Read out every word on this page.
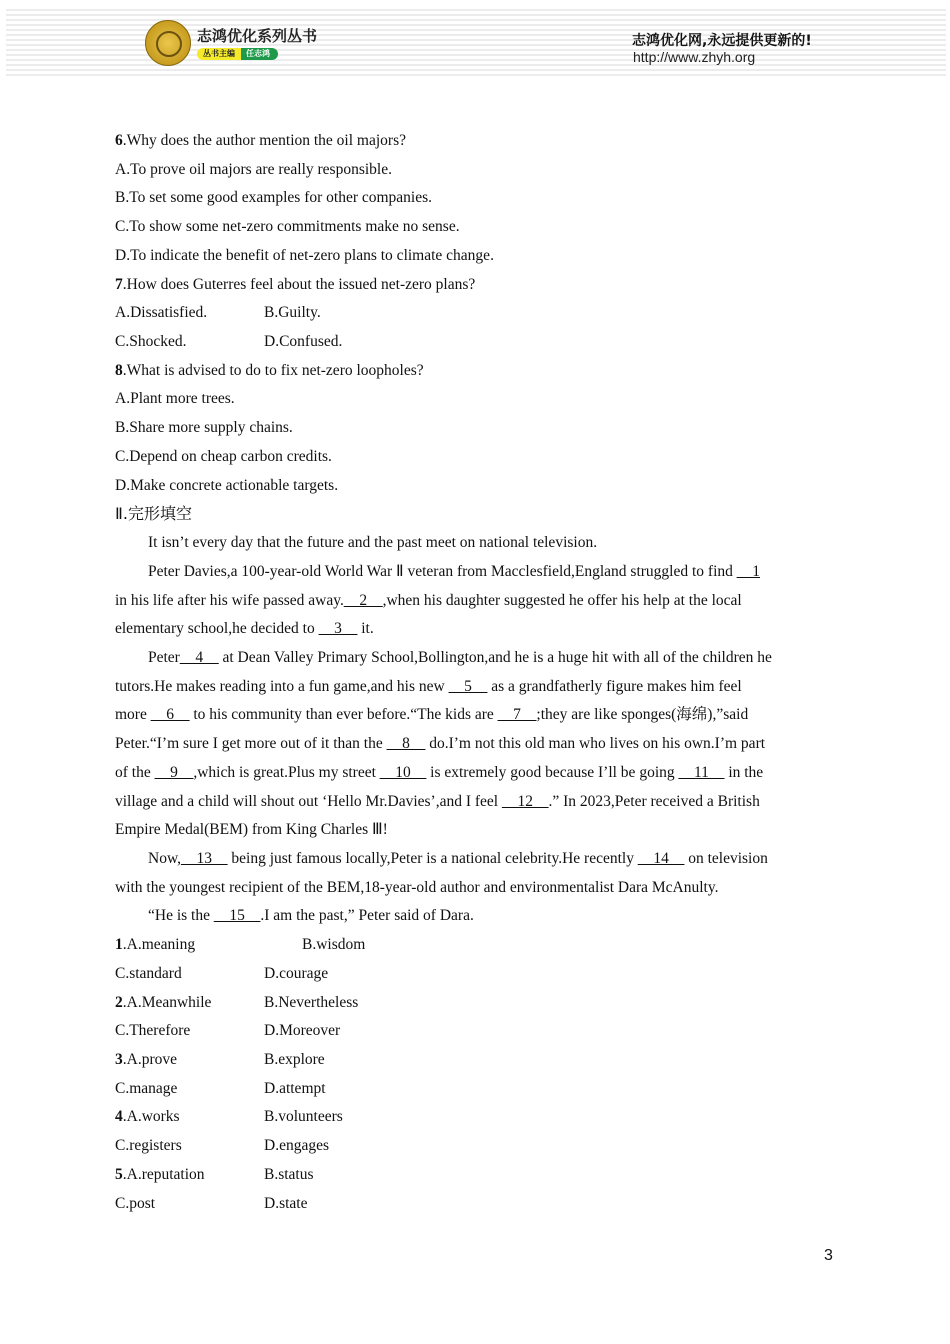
志鸿优化系列丛书
丛书主编	任志鸿
志鸿优化网,永远提供更新的!
http://www.zhyh.org
6.Why does the author mention the oil majors?
A.To prove oil majors are really responsible.
B.To set some good examples for other companies.
C.To show some net-zero commitments make no sense.
D.To indicate the benefit of net-zero plans to climate change.
7.How does Guterres feel about the issued net-zero plans?
A.Dissatisfied.	B.Guilty.
C.Shocked.	D.Confused.
8.What is advised to do to fix net-zero loopholes?
A.Plant more trees.
B.Share more supply chains.
C.Depend on cheap carbon credits.
D.Make concrete actionable targets.
Ⅱ.完形填空
It isn’t every day that the future and the past meet on national television.
Peter Davies,a 100-year-old World War Ⅱ veteran from Macclesfield,England struggled to find __1
in his life after his wife passed away.__2__,when his daughter suggested he offer his help at the local
elementary school,he decided to __3__ it.
Peter__4__ at Dean Valley Primary School,Bollington,and he is a huge hit with all of the children he
tutors.He makes reading into a fun game,and his new __5__ as a grandfatherly figure makes him feel
more __6__ to his community than ever before.“The kids are __7__;they are like sponges(海绵),”said
Peter.“I’m sure I get more out of it than the __8__ do.I’m not this old man who lives on his own.I’m part
of the __9__,which is great.Plus my street __10__ is extremely good because I’ll be going __11__ in the
village and a child will shout out ‘Hello Mr.Davies’,and I feel __12__.” In 2023,Peter received a British
Empire Medal(BEM) from King Charles Ⅲ!
Now,__13__ being just famous locally,Peter is a national celebrity.He recently __14__ on television
with the youngest recipient of the BEM,18-year-old author and environmentalist Dara McAnulty.
“He is the __15__.I am the past,” Peter said of Dara.
1.A.meaning	B.wisdom
C.standard	D.courage
2.A.Meanwhile	B.Nevertheless
C.Therefore	D.Moreover
3.A.prove	B.explore
C.manage	D.attempt
4.A.works	B.volunteers
C.registers	D.engages
5.A.reputation	B.status
C.post	D.state
3
